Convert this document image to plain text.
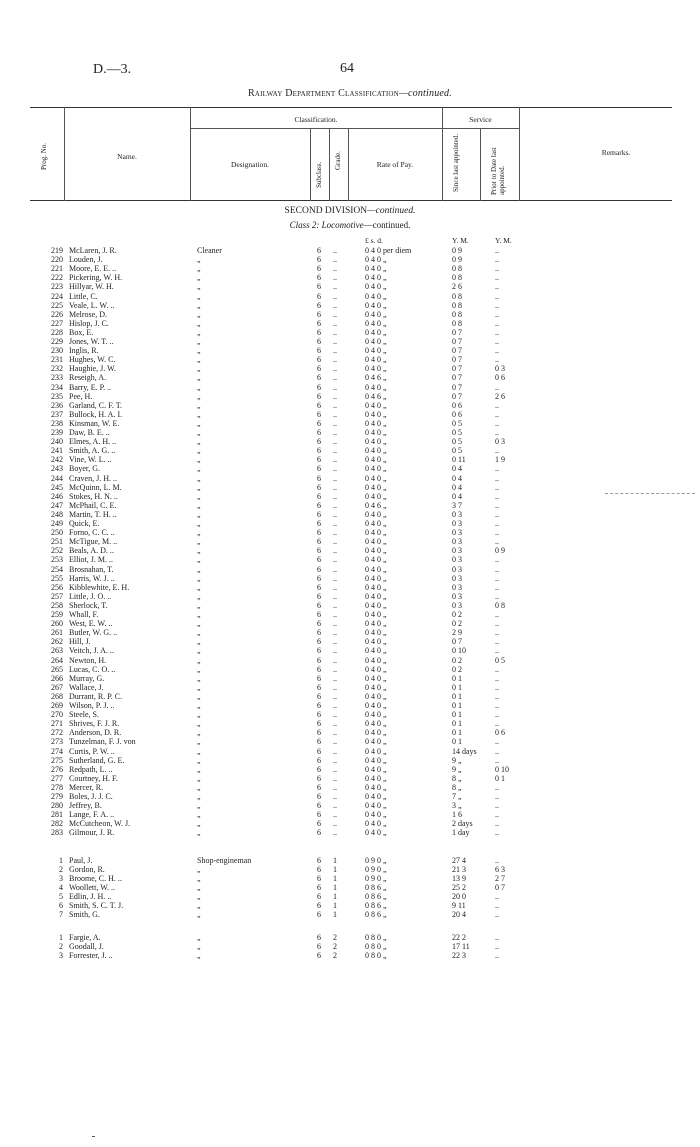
D.—3.	64
Railway Department Classification—continued.
Prog. No.	Name.
Classification.
Designation.	Subclass.
Grade.	Rate of Pay.
Service
Since last appointed.	Prior to Date last appointed.
Remarks.
SECOND DIVISION—continued.
Class 2: Locomotive—continued.
£ s. d.	Y. M.	Y. M.
219 McLaren, J. R.	Cleaner	6 ..	0 4 0 per diem	0 9	..
220 Louden, J.	„	6 ..	0 4 0 „	0 9	..
221 Moore, E. E. ..	„	6 ..	0 4 0 „	0 8	..
222 Pickering, W. H.	„	6 ..	0 4 0 „	0 8	..
223 Hillyar, W. H.	„	6 ..	0 4 0 „	2 6	..
224 Little, C.	„	6 ..	0 4 0 „	0 8	..
225 Veale, L. W. ..	„	6 ..	0 4 0 „	0 8	..
226 Melrose, D.	„	6 ..	0 4 0 „	0 8	..
227 Hislop, J. C.	„	6 ..	0 4 0 „	0 8	..
228 Box, E.	„	6 ..	0 4 0 „	0 7	..
229 Jones, W. T. ..	„	6 ..	0 4 0 „	0 7	..
230 Inglis, R.	„	6 ..	0 4 0 „	0 7	..
231 Hughes, W. C.	„	6 ..	0 4 0 „	0 7	..
232 Haughie, J. W.	„	6 ..	0 4 0 „	0 7	0 3
233 Reseigh, A.	„	6 ..	0 4 6 „	0 7	0 6
234 Barry, E. P. ..	„	6 ..	0 4 0 „	0 7	..
235 Pee, H.	„	6 ..	0 4 6 „	0 7	2 6
236 Garland, C. F. T.	„	6 ..	0 4 0 „	0 6	..
237 Bullock, H. A. I.	„	6 ..	0 4 0 „	0 6	..
238 Kinsman, W. E.	„	6 ..	0 4 0 „	0 5	..
239 Daw, B. E. ..	„	6 ..	0 4 0 „	0 5	..
240 Elmes, A. H. ..	„	6 ..	0 4 0 „	0 5	0 3
241 Smith, A. G. ..	„	6 ..	0 4 0 „	0 5	..
242 Vine, W. L. ..	„	6 ..	0 4 0 „	0 11	1 9
243 Boyer, G.	„	6 ..	0 4 0 „	0 4	..
244 Craven, J. H. ..	„	6 ..	0 4 0 „	0 4	..
245 McQuinn, L. M.	„	6 ..	0 4 0 „	0 4	..
246 Stokes, H. N. ..	„	6 ..	0 4 0 „	0 4	..
247 McPhail, C. E.	„	6 ..	0 4 6 „	3 7	..
248 Martin, T. H. ..	„	6 ..	0 4 0 „	0 3	..
249 Quick, E.	„	6 ..	0 4 0 „	0 3	..
250 Forno, C. C. ..	„	6 ..	0 4 0 „	0 3	..
251 McTigue, M. ..	„	6 ..	0 4 0 „	0 3	..
252 Beals, A. D. ..	„	6 ..	0 4 0 „	0 3	0 9
253 Elliot, J. M. ..	„	6 ..	0 4 0 „	0 3	..
254 Brosnahan, T.	„	6 ..	0 4 0 „	0 3	..
255 Harris, W. J. ..	„	6 ..	0 4 0 „	0 3	..
256 Kibblewhite, E. H.	„	6 ..	0 4 0 „	0 3	..
257 Little, J. O. ..	„	6 ..	0 4 0 „	0 3	..
258 Sherlock, T.	„	6 ..	0 4 0 „	0 3	0 8
259 Whall, F.	„	6 ..	0 4 0 „	0 2	..
260 West, E. W. ..	„	6 ..	0 4 0 „	0 2	..
261 Butler, W. G. ..	„	6 ..	0 4 0 „	2 9	..
262 Hill, J.	„	6 ..	0 4 0 „	0 7	..
263 Veitch, J. A. ..	„	6 ..	0 4 0 „	0 10	..
264 Newton, H.	„	6 ..	0 4 0 „	0 2	0 5
265 Lucas, C. O. ..	„	6 ..	0 4 0 „	0 2	..
266 Murray, G.	„	6 ..	0 4 0 „	0 1	..
267 Wallace, J.	„	6 ..	0 4 0 „	0 1	..
268 Durrant, R. P. C.	„	6 ..	0 4 0 „	0 1	..
269 Wilson, P. J. ..	„	6 ..	0 4 0 „	0 1	..
270 Steele, S.	„	6 ..	0 4 0 „	0 1	..
271 Shrives, F. J. R.	„	6 ..	0 4 0 „	0 1	..
272 Anderson, D. R.	„	6 ..	0 4 0 „	0 1	0 6
273 Tunzelman, F. J. von	„	6 ..	0 4 0 „	0 1	..
274 Curtis, P. W. ..	„	6 ..	0 4 0 „	14 days ..
275 Sutherland, G. E.	„	6 ..	0 4 0 „	9 „	..
276 Redpath, L. ..	„	6 ..	0 4 0 „	9 „	0 10
277 Courtney, H. F.	„	6 ..	0 4 0 „	8 „	0 1
278 Mercer, R.	„	6 ..	0 4 0 „	8 „	..
279 Boles, J. J. C.	„	6 ..	0 4 0 „	7 „	..
280 Jeffrey, B.	„	6 ..	0 4 0 „	3 „	..
281 Lange, F. A. ..	„	6 ..	0 4 0 „	1 6	..
282 McCutcheon, W. J.	„	6 ..	0 4 0 „	2 days	..
283 Gilmour, J. R.	„	6 ..	0 4 0 „	1 day	..
1 Paul, J.	Shop-engineman	6 1	0 9 0 „	27 4	..
2 Gordon, R.	„	6 1	0 9 0 „	21 3	6 3
3 Broome, C. H. ..	„	6 1	0 9 0 „	13 9	2 7
4 Woollett, W. ..	„	6 1	0 8 6 „	25 2	0 7
5 Edlin, J. H. ..	„	6 1	0 8 6 „	20 0	..
6 Smith, S. C. T. J.	„	6 1	0 8 6 „	9 11	..
7 Smith, G.	„	6 1	0 8 6 „	20 4	..
1 Fargie, A.	„	6 2	0 8 0 „	22 2	..
2 Goodall, J.	„	6 2	0 8 0 „	17 11	..
3 Forrester, J. ..	„	6 2	0 8 0 „	22 3	..
